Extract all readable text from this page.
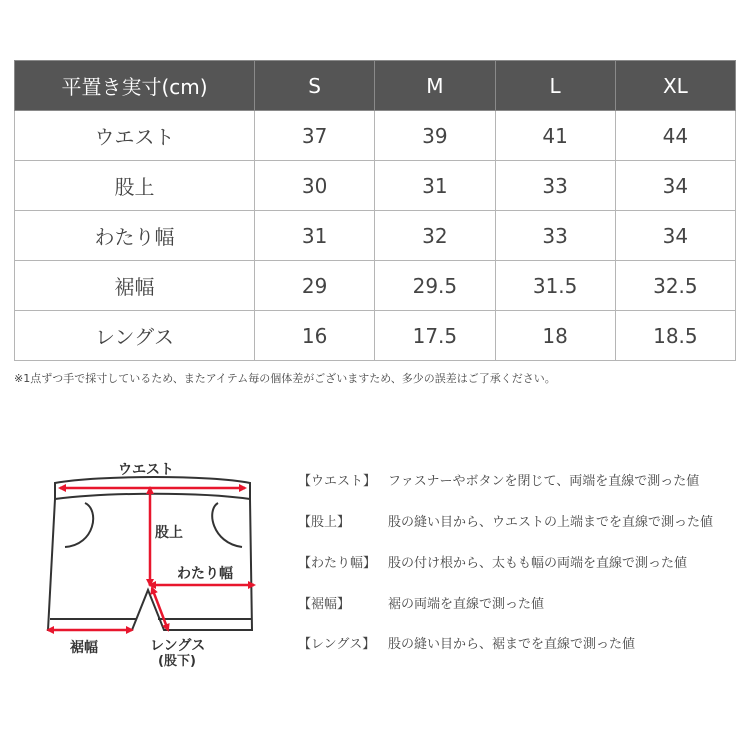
平置き実寸(cm)	S	M	L	XL
ウエスト	37	39	41	44
股上	30	31	33	34
わたり幅	31	32	33	34
裾幅	29	29.5	31.5	32.5
レングス	16	17.5	18	18.5
※1点ずつ手で採寸しているため、またアイテム毎の個体差がございますため、多少の誤差はご了承ください。
ウエスト
股上
わたり幅
裾幅	レングス
(股下)
【ウエスト】 ファスナーやボタンを閉じて、両端を直線で測った値
【股上】	股の縫い目から、ウエストの上端までを直線で測った値
【わたり幅】 股の付け根から、太もも幅の両端を直線で測った値
【裾幅】	裾の両端を直線で測った値
【レングス】 股の縫い目から、裾までを直線で測った値
